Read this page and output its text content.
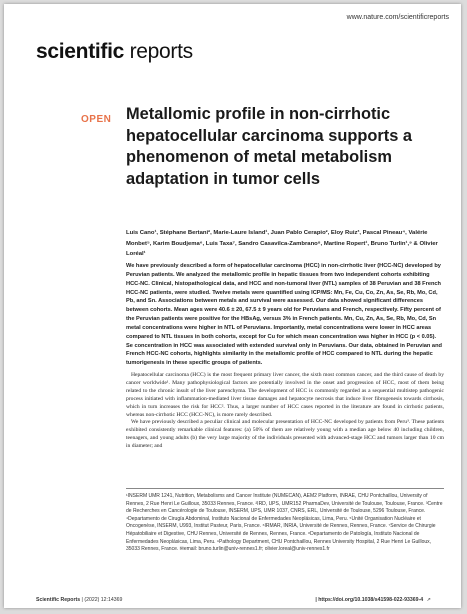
www.nature.com/scientificreports
scientific reports
OPEN Metallomic profile in non‑cirrhotic hepatocellular carcinoma supports a phenomenon of metal metabolism adaptation in tumor cells
Luis Cano¹, Stéphane Bertani², Marie‑Laure Island¹, Juan Pablo Cerapio², Eloy Ruiz³, Pascal Pineau⁴, Valérie Monbet⁵, Karim Boudjema⁶, Luis Taxa⁷, Sandro Casavilca‑Zambrano⁸, Martine Ropert¹, Bruno Turlin¹,⁹ & Olivier Loréal¹

We have previously described a form of hepatocellular carcinoma (HCC) in non‑cirrhotic liver (HCC‑NC) developed by Peruvian patients. We analyzed the metallomic profile in hepatic tissues from two independent cohorts exhibiting HCC‑NC. Clinical, histopathological data, and HCC and non‑tumoral liver (NTL) samples of 38 Peruvian and 38 French HCC‑NC patients, were studied. Twelve metals were quantified using ICP/MS: Mn, Fe, Cu, Co, Zn, As, Se, Rb, Mo, Cd, Pb, and Sn. Associations between metals and survival were assessed. Our data showed significant differences between cohorts. Mean ages were 40.6 ± 20, 67.5 ± 9 years old for Peruvians and French, respectively. Fifty percent of the Peruvian patients were positive for the HBsAg, versus 3% in French patients. Mn, Cu, Zn, As, Se, Rb, Mo, Cd, Sn metal concentrations were higher in NTL of Peruvians. Importantly, metal concentrations were lower in HCC areas compared to NTL tissues in both cohorts, except for Cu for which mean concentration was higher in HCC (p < 0.05). Se concentration in HCC was associated with extended survival only in Peruvians. Our data, obtained in Peruvian and French HCC‑NC cohorts, highlights similarity in the metallomic profile of HCC compared to NTL during the hepatic tumorigenesis in these specific groups of patients.

Hepatocellular carcinoma (HCC) is the most frequent primary liver cancer, the sixth most common cancer, and the third cause of death by cancer worldwide¹. Many pathophysiological factors are potentially involved in the onset and progression of HCC, most of them being related to the chronic insult of the liver parenchyma. The development of HCC is commonly regarded as a sequential multistep pathogenic process initiated with inflammation‑mediated liver tissue damages and hepatocyte necrosis that induce liver fibrogenesis towards cirrhosis, which in turn increases the risk for HCC². Thus, a larger number of HCC cases reported in the literature are found in cirrhotic patients, whereas non‑cirrhotic HCC (HCC‑NC), is more rarely described.

We have previously described a peculiar clinical and molecular presentation of HCC‑NC developed by patients from Peru³. These patients exhibited consistently remarkable clinical features: (a) 50% of them are relatively young with a median age below 40 including children, teenagers, and young adults (b) the very large majority of the individuals presented with advanced‑stage HCC and tumors larger than 10 cm in diameter; and

¹INSERM UMR 1241, Nutrition, Metabolisms and Cancer Institute (NUMECAN), AEM2 Platform, INRAE, CHU Pontchaillou, University of Rennes, 2 Rue Henri Le Guilloux, 35033 Rennes, France. ²IRD, UPS, UMR152 PharmaDev, Université de Toulouse, Toulouse, France. ³Centre de Recherches en Cancérologie de Toulouse, INSERM, UPS, UMR 1037, CNRS, ERL, Université de Toulouse, 5296 Toulouse, France. ⁴Departamento de Cirugía Abdominal, Instituto Nacional de Enfermedades Neoplásicas, Lima, Peru. ⁵Unité Organisation Nucléaire et Oncogenèse, INSERM, U993, Institut Pasteur, Paris, France. ⁶IRMAR, INRIA, Université de Rennes, Rennes, France. ⁷Service de Chirurgie Hépatobiliaire et Digestive, CHU Rennes, Université de Rennes, Rennes, France. ⁸Departamento de Patología, Instituto Nacional de Enfermedades Neoplásicas, Lima, Peru. ⁹Pathology Department, CHU Pontchaillou, Rennes University Hospital, 2 Rue Henri Le Guilloux, 35033 Rennes, France. ✉email: bruno.turlin@univ-rennes1.fr; olivier.loreal@univ-rennes1.fr

Scientific Reports | (2022) 12:14369	| https://doi.org/10.1038/s41598-022-93369-4 ↗
